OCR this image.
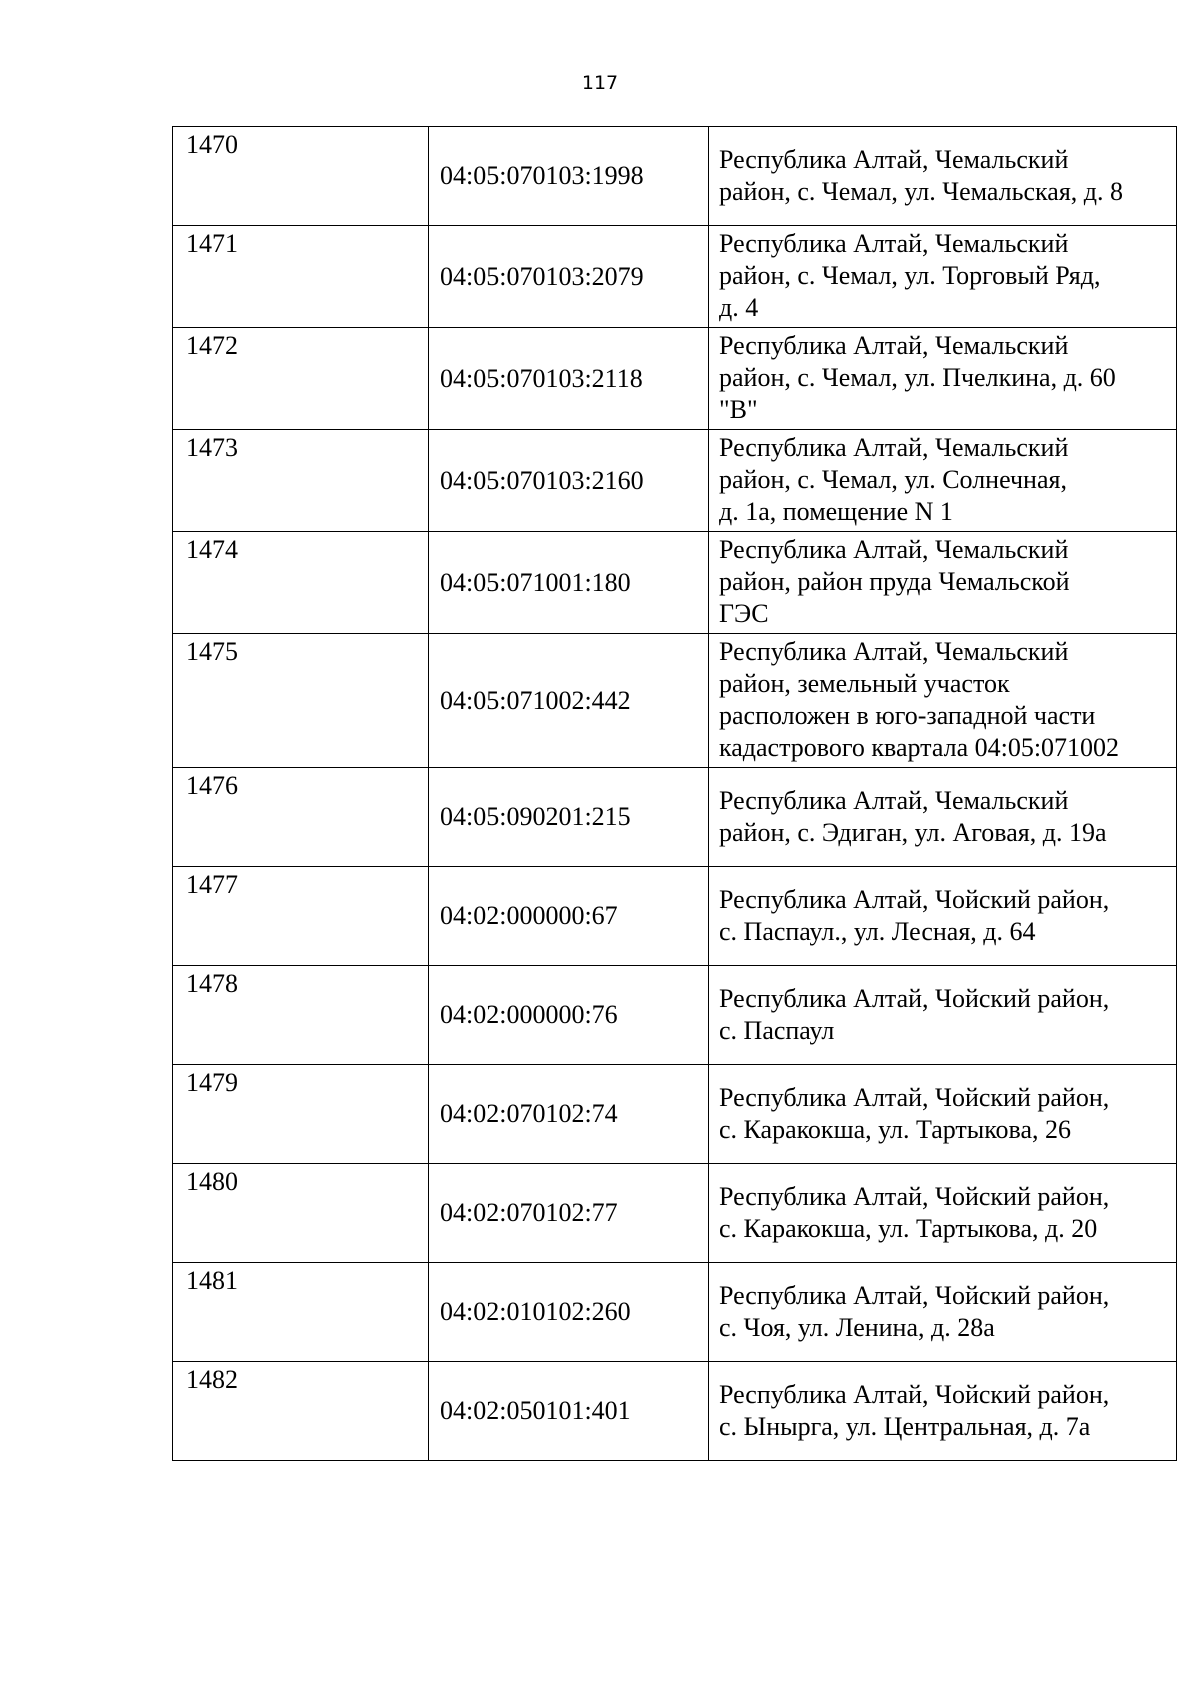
117
1470	04:05:070103:1998	Республика Алтай, Чемальский
район, с. Чемал, ул. Чемальская, д. 8

1471	04:05:070103:2079	Республика Алтай, Чемальский
район, с. Чемал, ул. Торговый Ряд,
д. 4

1472	04:05:070103:2118	Республика Алтай, Чемальский
район, с. Чемал, ул. Пчелкина, д. 60
"В"

1473	04:05:070103:2160	Республика Алтай, Чемальский
район, с. Чемал, ул. Солнечная,
д. 1а, помещение N 1

1474	04:05:071001:180	Республика Алтай, Чемальский
район, район пруда Чемальской
ГЭС

1475	04:05:071002:442	Республика Алтай, Чемальский
район, земельный участок
расположен в юго-западной части
кадастрового квартала 04:05:071002

1476	04:05:090201:215	Республика Алтай, Чемальский
район, с. Эдиган, ул. Аговая, д. 19а

1477	04:02:000000:67	Республика Алтай, Чойский район,
с. Паспаул., ул. Лесная, д. 64

1478	04:02:000000:76	Республика Алтай, Чойский район,
с. Паспаул

1479	04:02:070102:74	Республика Алтай, Чойский район,
с. Каракокша, ул. Тартыкова, 26

1480	04:02:070102:77	Республика Алтай, Чойский район,
с. Каракокша, ул. Тартыкова, д. 20

1481	04:02:010102:260	Республика Алтай, Чойский район,
с. Чоя, ул. Ленина, д. 28а

1482	04:02:050101:401	Республика Алтай, Чойский район,
с. Ынырга, ул. Центральная, д. 7а
